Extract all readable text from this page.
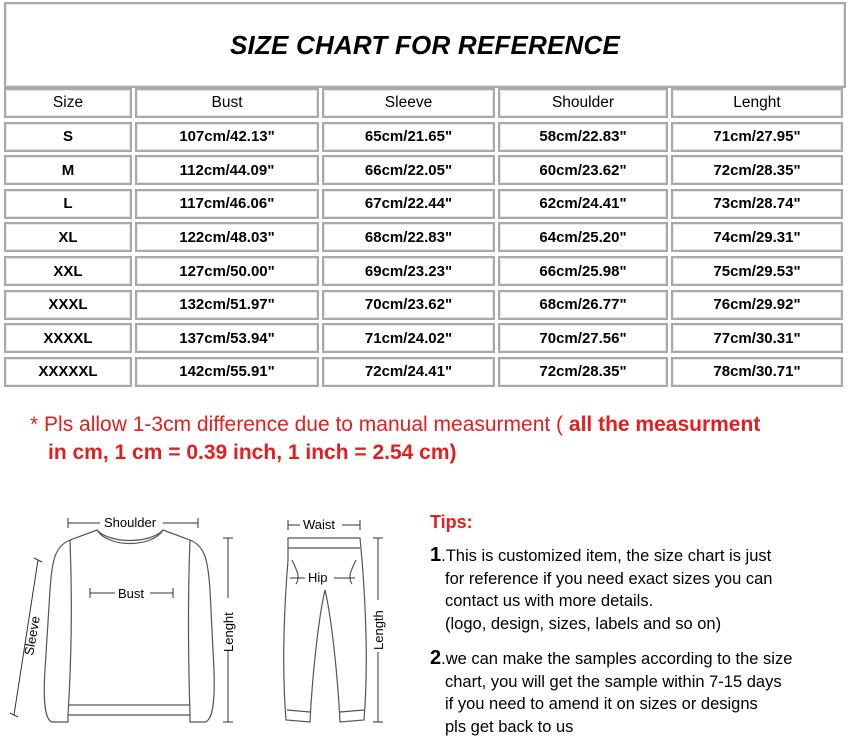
SIZE CHART FOR REFERENCE
Size	Bust	Sleeve	Shoulder	Lenght
S	107cm/42.13"	65cm/21.65"	58cm/22.83"	71cm/27.95"
M	112cm/44.09"	66cm/22.05"	60cm/23.62"	72cm/28.35"
L	117cm/46.06"	67cm/22.44"	62cm/24.41"	73cm/28.74"
XL	122cm/48.03"	68cm/22.83"	64cm/25.20"	74cm/29.31"
XXL	127cm/50.00"	69cm/23.23"	66cm/25.98"	75cm/29.53"
XXXL	132cm/51.97"	70cm/23.62"	68cm/26.77"	76cm/29.92"
XXXXL	137cm/53.94"	71cm/24.02"	70cm/27.56"	77cm/30.31"
XXXXXL	142cm/55.91"	72cm/24.41"	72cm/28.35"	78cm/30.71"
* Pls allow 1-3cm difference due to manual measurment ( all the measurment
in cm, 1 cm = 0.39 inch, 1 inch = 2.54 cm)
Shoulder
Bust
Sleeve	Lenght
Waist
Hip
Length
Tips:
1.This is customized item, the size chart is just
for reference if you need exact sizes you can
contact us with more details.
(logo, design, sizes, labels and so on)
2.we can make the samples according to the size
chart, you will get the sample within 7-15 days
if you need to amend it on sizes or designs
pls get back to us
